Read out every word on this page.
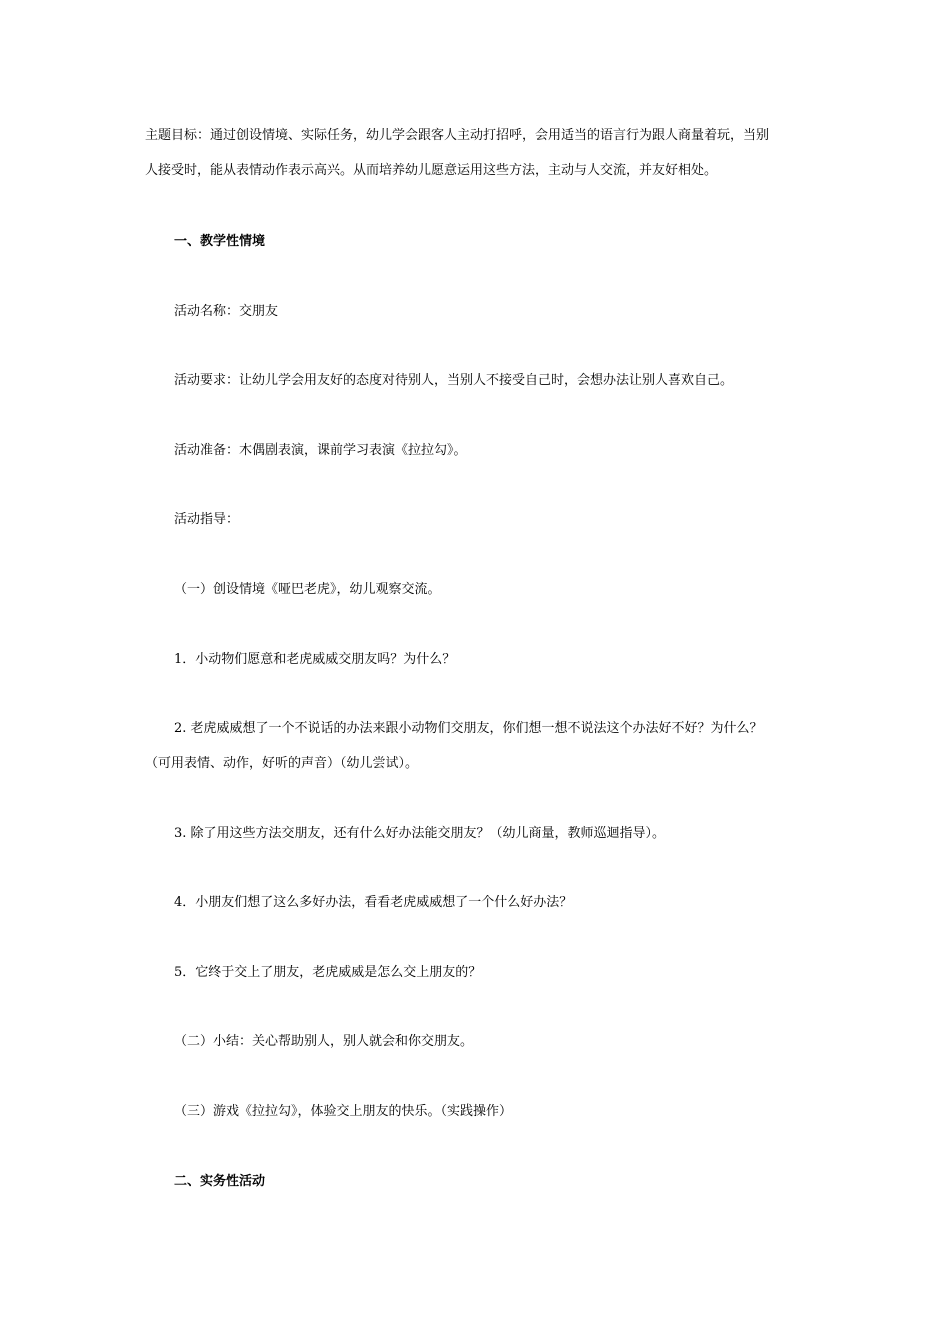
主题目标：通过创设情境、实际任务，幼儿学会跟客人主动打招呼，会用适当的语言行为跟人商量着玩，当别
人接受时，能从表情动作表示高兴。从而培养幼儿愿意运用这些方法，主动与人交流，并友好相处。
一、教学性情境
活动名称：交朋友
活动要求：让幼儿学会用友好的态度对待别人，当别人不接受自己时，会想办法让别人喜欢自己。
活动准备：木偶剧表演，课前学习表演《拉拉勾》。
活动指导：
（一）创设情境《哑巴老虎》，幼儿观察交流。
1．小动物们愿意和老虎威威交朋友吗？为什么？
2. 老虎威威想了一个不说话的办法来跟小动物们交朋友，你们想一想不说法这个办法好不好？为什么？
（可用表情、动作，好听的声音）（幼儿尝试）。
3. 除了用这些方法交朋友，还有什么好办法能交朋友？（幼儿商量，教师巡迴指导）。
4．小朋友们想了这么多好办法，看看老虎威威想了一个什么好办法？
5．它终于交上了朋友，老虎威威是怎么交上朋友的？
（二）小结：关心帮助别人，别人就会和你交朋友。
（三）游戏《拉拉勾》，体验交上朋友的快乐。（实践操作）
二、实务性活动
